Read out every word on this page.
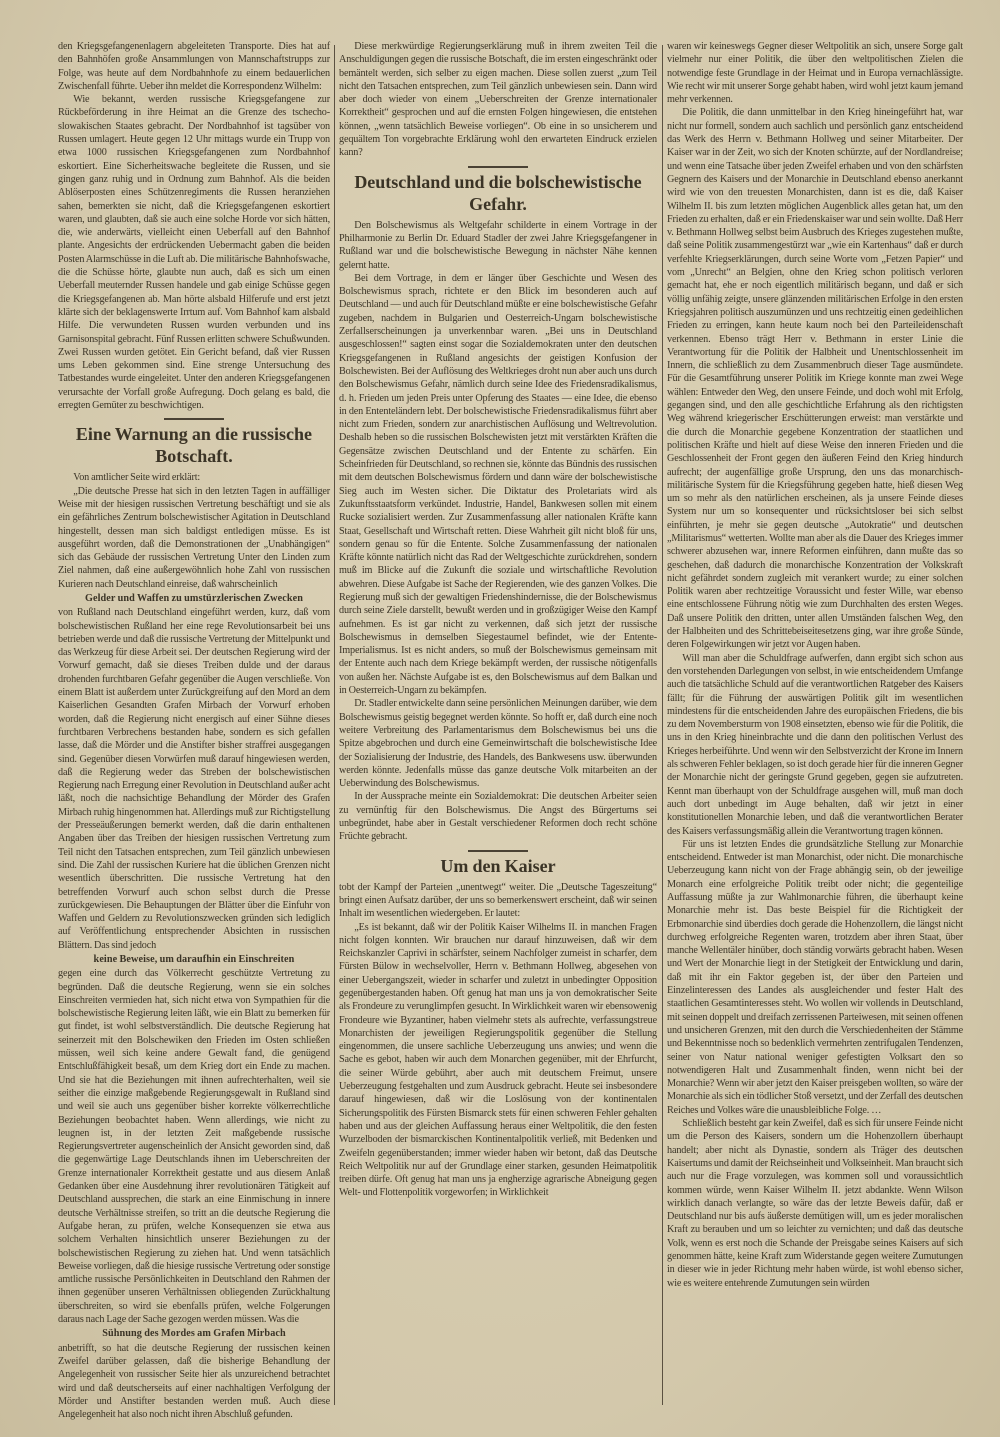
den Kriegsgefangenenlagern abgeleiteten Transporte. Dies hat auf den Bahnhöfen große Ansammlungen von Mannschaftstrupps zur Folge, was heute auf dem Nordbahnhofe zu einem bedauerlichen Zwischenfall führte. Ueber ihn meldet die Korrespondenz Wilhelm:

Wie bekannt, werden russische Kriegsgefangene zur Rückbeförderung in ihre Heimat an die Grenze des tschecho-slowakischen Staates gebracht. Der Nordbahnhof ist tagsüber von Russen umlagert. Heute gegen 12 Uhr mittags wurde ein Trupp von etwa 1000 russischen Kriegsgefangenen zum Nordbahnhof eskortiert. Eine Sicherheitswache begleitete die Russen, und sie gingen ganz ruhig und in Ordnung zum Bahnhof. Als die beiden Ablöserposten eines Schützenregiments die Russen heranziehen sahen, bemerkten sie nicht, daß die Kriegsgefangenen eskortiert waren, und glaubten, daß sie auch eine solche Horde vor sich hätten, die, wie anderwärts, vielleicht einen Ueberfall auf den Bahnhof plante. Angesichts der erdrückenden Uebermacht gaben die beiden Posten Alarmschüsse in die Luft ab. Die militärische Bahnhofswache, die die Schüsse hörte, glaubte nun auch, daß es sich um einen Ueberfall meuternder Russen handele und gab einige Schüsse gegen die Kriegsgefangenen ab. Man hörte alsbald Hilferufe und erst jetzt klärte sich der beklagenswerte Irrtum auf. Vom Bahnhof kam alsbald Hilfe. Die verwundeten Russen wurden verbunden und ins Garnisonspital gebracht. Fünf Russen erlitten schwere Schußwunden. Zwei Russen wurden getötet. Ein Gericht befand, daß vier Russen ums Leben gekommen sind. Eine strenge Untersuchung des Tatbestandes wurde eingeleitet. Unter den anderen Kriegsgefangenen verursachte der Vorfall große Aufregung. Doch gelang es bald, die erregten Gemüter zu beschwichtigen.

Eine Warnung an die russische Botschaft.

Von amtlicher Seite wird erklärt:

„Die deutsche Presse hat sich in den letzten Tagen in auffälliger Weise mit der hiesigen russischen Vertretung beschäftigt und sie als ein gefährliches Zentrum bolschewistischer Agitation in Deutschland hingestellt, dessen man sich baldigst entledigen müsse. Es ist ausgeführt worden, daß die Demonstrationen der „Unabhängigen“ sich das Gebäude der russischen Vertretung Unter den Linden zum Ziel nahmen, daß eine außergewöhnlich hohe Zahl von russischen Kurieren nach Deutschland einreise, daß wahrscheinlich

Gelder und Waffen zu umstürzlerischen Zwecken

von Rußland nach Deutschland eingeführt werden, kurz, daß vom bolschewistischen Rußland her eine rege Revolutionsarbeit bei uns betrieben werde und daß die russische Vertretung der Mittelpunkt und das Werkzeug für diese Arbeit sei. Der deutschen Regierung wird der Vorwurf gemacht, daß sie dieses Treiben dulde und der daraus drohenden furchtbaren Gefahr gegenüber die Augen verschließe. Von einem Blatt ist außerdem unter Zurückgreifung auf den Mord an dem Kaiserlichen Gesandten Grafen Mirbach der Vorwurf erhoben worden, daß die Regierung nicht energisch auf einer Sühne dieses furchtbaren Verbrechens bestanden habe, sondern es sich gefallen lasse, daß die Mörder und die Anstifter bisher straffrei ausgegangen sind. Gegenüber diesen Vorwürfen muß darauf hingewiesen werden, daß die Regierung weder das Streben der bolschewistischen Regierung nach Erregung einer Revolution in Deutschland außer acht läßt, noch die nachsichtige Behandlung der Mörder des Grafen Mirbach ruhig hingenommen hat. Allerdings muß zur Richtigstellung der Presseäußerungen bemerkt werden, daß die darin enthaltenen Angaben über das Treiben der hiesigen russischen Vertretung zum Teil nicht den Tatsachen entsprechen, zum Teil gänzlich unbewiesen sind. Die Zahl der russischen Kuriere hat die üblichen Grenzen nicht wesentlich überschritten. Die russische Vertretung hat den betreffenden Vorwurf auch schon selbst durch die Presse zurückgewiesen. Die Behauptungen der Blätter über die Einfuhr von Waffen und Geldern zu Revolutionszwecken gründen sich lediglich auf Veröffentlichung entsprechender Absichten in russischen Blättern. Das sind jedoch

keine Beweise, um daraufhin ein Einschreiten

gegen eine durch das Völkerrecht geschützte Vertretung zu begründen. Daß die deutsche Regierung, wenn sie ein solches Einschreiten vermieden hat, sich nicht etwa von Sympathien für die bolschewistische Regierung leiten läßt, wie ein Blatt zu bemerken für gut findet, ist wohl selbstverständlich. Die deutsche Regierung hat seinerzeit mit den Bolschewiken den Frieden im Osten schließen müssen, weil sich keine andere Gewalt fand, die genügend Entschlußfähigkeit besaß, um dem Krieg dort ein Ende zu machen. Und sie hat die Beziehungen mit ihnen aufrechterhalten, weil sie seither die einzige maßgebende Regierungsgewalt in Rußland sind und weil sie auch uns gegenüber bisher korrekte völkerrechtliche Beziehungen beobachtet haben. Wenn allerdings, wie nicht zu leugnen ist, in der letzten Zeit maßgebende russische Regierungsvertreter augenscheinlich der Ansicht geworden sind, daß die gegenwärtige Lage Deutschlands ihnen im Ueberschreiten der Grenze internationaler Korrektheit gestatte und aus diesem Anlaß Gedanken über eine Ausdehnung ihrer revolutionären Tätigkeit auf Deutschland aussprechen, die stark an eine Einmischung in innere deutsche Verhältnisse streifen, so tritt an die deutsche Regierung die Aufgabe heran, zu prüfen, welche Konsequenzen sie etwa aus solchem Verhalten hinsichtlich unserer Beziehungen zu der bolschewistischen Regierung zu ziehen hat. Und wenn tatsächlich Beweise vorliegen, daß die hiesige russische Vertretung oder sonstige amtliche russische Persönlichkeiten in Deutschland den Rahmen der ihnen gegenüber unseren Verhältnissen obliegenden Zurückhaltung überschreiten, so wird sie ebenfalls prüfen, welche Folgerungen daraus nach Lage der Sache gezogen werden müssen. Was die

Sühnung des Mordes am Grafen Mirbach

anbetrifft, so hat die deutsche Regierung der russischen keinen Zweifel darüber gelassen, daß die bisherige Behandlung der Angelegenheit von russischer Seite hier als unzureichend betrachtet wird und daß deutscherseits auf einer nachhaltigen Verfolgung der Mörder und Anstifter bestanden werden muß. Auch diese Angelegenheit hat also noch nicht ihren Abschluß gefunden.

Diese merkwürdige Regierungserklärung muß in ihrem zweiten Teil die Anschuldigungen gegen die russische Botschaft, die im ersten eingeschränkt oder bemäntelt werden, sich selber zu eigen machen. Diese sollen zuerst „zum Teil nicht den Tatsachen entsprechen, zum Teil gänzlich unbewiesen sein. Dann wird aber doch wieder von einem „Ueberschreiten der Grenze internationaler Korrektheit“ gesprochen und auf die ernsten Folgen hingewiesen, die entstehen können, „wenn tatsächlich Beweise vorliegen“. Ob eine in so unsicherem und gequältem Ton vorgebrachte Erklärung wohl den erwarteten Eindruck erzielen kann?

Deutschland und die bolschewistische Gefahr.

Den Bolschewismus als Weltgefahr schilderte in einem Vortrage in der Philharmonie zu Berlin Dr. Eduard Stadler der zwei Jahre Kriegsgefangener in Rußland war und die bolschewistische Bewegung in nächster Nähe kennen gelernt hatte.

Bei dem Vortrage, in dem er länger über Geschichte und Wesen des Bolschewismus sprach, richtete er den Blick im besonderen auch auf Deutschland — und auch für Deutschland müßte er eine bolschewistische Gefahr zugeben, nachdem in Bulgarien und Oesterreich-Ungarn bolschewistische Zerfallserscheinungen ja unverkennbar waren. „Bei uns in Deutschland ausgeschlossen!“ sagten einst sogar die Sozialdemokraten unter den deutschen Kriegsgefangenen in Rußland angesichts der geistigen Konfusion der Bolschewisten. Bei der Auflösung des Weltkrieges droht nun aber auch uns durch den Bolschewismus Gefahr, nämlich durch seine Idee des Friedensradikalismus, d. h. Frieden um jeden Preis unter Opferung des Staates — eine Idee, die ebenso in den Ententeländern lebt. Der bolschewistische Friedensradikalismus führt aber nicht zum Frieden, sondern zur anarchistischen Auflösung und Weltrevolution. Deshalb heben so die russischen Bolschewisten jetzt mit verstärkten Kräften die Gegensätze zwischen Deutschland und der Entente zu schärfen. Ein Scheinfrieden für Deutschland, so rechnen sie, könnte das Bündnis des russischen mit dem deutschen Bolschewismus fördern und dann wäre der bolschewistische Sieg auch im Westen sicher. Die Diktatur des Proletariats wird als Zukunftsstaatsform verkündet. Industrie, Handel, Bankwesen sollen mit einem Rucke sozialisiert werden. Zur Zusammenfassung aller nationalen Kräfte kann Staat, Gesellschaft und Wirtschaft retten. Diese Wahrheit gilt nicht bloß für uns, sondern genau so für die Entente. Solche Zusammenfassung der nationalen Kräfte könnte natürlich nicht das Rad der Weltgeschichte zurückdrehen, sondern muß im Blicke auf die Zukunft die soziale und wirtschaftliche Revolution abwehren. Diese Aufgabe ist Sache der Regierenden, wie des ganzen Volkes. Die Regierung muß sich der gewaltigen Friedenshindernisse, die der Bolschewismus durch seine Ziele darstellt, bewußt werden und in großzügiger Weise den Kampf aufnehmen. Es ist gar nicht zu verkennen, daß sich jetzt der russische Bolschewismus in demselben Siegestaumel befindet, wie der Entente-Imperialismus. Ist es nicht anders, so muß der Bolschewismus gemeinsam mit der Entente auch nach dem Kriege bekämpft werden, der russische nötigenfalls von außen her. Nächste Aufgabe ist es, den Bolschewismus auf dem Balkan und in Oesterreich-Ungarn zu bekämpfen.

Dr. Stadler entwickelte dann seine persönlichen Meinungen darüber, wie dem Bolschewismus geistig begegnet werden könnte. So hofft er, daß durch eine noch weitere Verbreitung des Parlamentarismus dem Bolschewismus bei uns die Spitze abgebrochen und durch eine Gemeinwirtschaft die bolschewistische Idee der Sozialisierung der Industrie, des Handels, des Bankwesens usw. überwunden werden könnte. Jedenfalls müsse das ganze deutsche Volk mitarbeiten an der Ueberwindung des Bolschewismus.

In der Aussprache meinte ein Sozialdemokrat: Die deutschen Arbeiter seien zu vernünftig für den Bolschewismus. Die Angst des Bürgertums sei unbegründet, habe aber in Gestalt verschiedener Reformen doch recht schöne Früchte gebracht.

Um den Kaiser

tobt der Kampf der Parteien „unentwegt“ weiter. Die „Deutsche Tageszeitung“ bringt einen Aufsatz darüber, der uns so bemerkenswert erscheint, daß wir seinen Inhalt im wesentlichen wiedergeben. Er lautet:

„Es ist bekannt, daß wir der Politik Kaiser Wilhelms II. in manchen Fragen nicht folgen konnten. Wir brauchen nur darauf hinzuweisen, daß wir dem Reichskanzler Caprivi in schärfster, seinem Nachfolger zumeist in scharfer, dem Fürsten Bülow in wechselvoller, Herrn v. Bethmann Hollweg, abgesehen von einer Uebergangszeit, wieder in scharfer und zuletzt in unbedingter Opposition gegenübergestanden haben. Oft genug hat man uns ja von demokratischer Seite als Frondeure zu verunglimpfen gesucht. In Wirklichkeit waren wir ebensowenig Frondeure wie Byzantiner, haben vielmehr stets als aufrechte, verfassungstreue Monarchisten der jeweiligen Regierungspolitik gegenüber die Stellung eingenommen, die unsere sachliche Ueberzeugung uns anwies; und wenn die Sache es gebot, haben wir auch dem Monarchen gegenüber, mit der Ehrfurcht, die seiner Würde gebührt, aber auch mit deutschem Freimut, unsere Ueberzeugung festgehalten und zum Ausdruck gebracht. Heute sei insbesondere darauf hingewiesen, daß wir die Loslösung von der kontinentalen Sicherungspolitik des Fürsten Bismarck stets für einen schweren Fehler gehalten haben und aus der gleichen Auffassung heraus einer Weltpolitik, die den festen Wurzelboden der bismarckischen Kontinentalpolitik verließ, mit Bedenken und Zweifeln gegenüberstanden; immer wieder haben wir betont, daß das Deutsche Reich Weltpolitik nur auf der Grundlage einer starken, gesunden Heimatpolitik treiben dürfe. Oft genug hat man uns ja engherzige agrarische Abneigung gegen Welt- und Flottenpolitik vorgeworfen; in Wirklichkeit

waren wir keineswegs Gegner dieser Weltpolitik an sich, unsere Sorge galt vielmehr nur einer Politik, die über den weltpolitischen Zielen die notwendige feste Grundlage in der Heimat und in Europa vernachlässigte. Wie recht wir mit unserer Sorge gehabt haben, wird wohl jetzt kaum jemand mehr verkennen.

Die Politik, die dann unmittelbar in den Krieg hineingeführt hat, war nicht nur formell, sondern auch sachlich und persönlich ganz entscheidend das Werk des Herrn v. Bethmann Hollweg und seiner Mitarbeiter. Der Kaiser war in der Zeit, wo sich der Knoten schürzte, auf der Nordlandreise; und wenn eine Tatsache über jeden Zweifel erhaben und von den schärfsten Gegnern des Kaisers und der Monarchie in Deutschland ebenso anerkannt wird wie von den treuesten Monarchisten, dann ist es die, daß Kaiser Wilhelm II. bis zum letzten möglichen Augenblick alles getan hat, um den Frieden zu erhalten, daß er ein Friedenskaiser war und sein wollte. Daß Herr v. Bethmann Hollweg selbst beim Ausbruch des Krieges zugestehen mußte, daß seine Politik zusammengestürzt war „wie ein Kartenhaus“ daß er durch verfehlte Kriegserklärungen, durch seine Worte vom „Fetzen Papier“ und vom „Unrecht“ an Belgien, ohne den Krieg schon politisch verloren gemacht hat, ehe er noch eigentlich militärisch begann, und daß er sich völlig unfähig zeigte, unsere glänzenden militärischen Erfolge in den ersten Kriegsjahren politisch auszumünzen und uns rechtzeitig einen gedeihlichen Frieden zu erringen, kann heute kaum noch bei den Parteileidenschaft verkennen. Ebenso trägt Herr v. Bethmann in erster Linie die Verantwortung für die Politik der Halbheit und Unentschlossenheit im Innern, die schließlich zu dem Zusammenbruch dieser Tage ausmündete. Für die Gesamtführung unserer Politik im Kriege konnte man zwei Wege wählen: Entweder den Weg, den unsere Feinde, und doch wohl mit Erfolg, gegangen sind, und den alle geschichtliche Erfahrung als den richtigsten Weg während kriegerischer Erschütterungen erweist: man verstärkte und die durch die Monarchie gegebene Konzentration der staatlichen und politischen Kräfte und hielt auf diese Weise den inneren Frieden und die Geschlossenheit der Front gegen den äußeren Feind den Krieg hindurch aufrecht; der augenfällige große Ursprung, den uns das monarchisch-militärische System für die Kriegsführung gegeben hatte, hieß diesen Weg um so mehr als den natürlichen erscheinen, als ja unsere Feinde dieses System nur um so konsequenter und rücksichtsloser bei sich selbst einführten, je mehr sie gegen deutsche „Autokratie“ und deutschen „Militarismus“ wetterten. Wollte man aber als die Dauer des Krieges immer schwerer abzusehen war, innere Reformen einführen, dann mußte das so geschehen, daß dadurch die monarchische Konzentration der Volkskraft nicht gefährdet sondern zugleich mit verankert wurde; zu einer solchen Politik waren aber rechtzeitige Voraussicht und fester Wille, war ebenso eine entschlossene Führung nötig wie zum Durchhalten des ersten Weges. Daß unsere Politik den dritten, unter allen Umständen falschen Weg, den der Halbheiten und des Schrittebeiseitesetzens ging, war ihre große Sünde, deren Folgewirkungen wir jetzt vor Augen haben.

Will man aber die Schuldfrage aufwerfen, dann ergibt sich schon aus den vorstehenden Darlegungen von selbst, in wie entscheidendem Umfange auch die tatsächliche Schuld auf die verantwortlichen Ratgeber des Kaisers fällt; für die Führung der auswärtigen Politik gilt im wesentlichen mindestens für die entscheidenden Jahre des europäischen Friedens, die bis zu dem Novembersturm von 1908 einsetzten, ebenso wie für die Politik, die uns in den Krieg hineinbrachte und die dann den politischen Verlust des Krieges herbeiführte. Und wenn wir den Selbstverzicht der Krone im Innern als schweren Fehler beklagen, so ist doch gerade hier für die inneren Gegner der Monarchie nicht der geringste Grund gegeben, gegen sie aufzutreten. Kennt man überhaupt von der Schuldfrage ausgehen will, muß man doch auch dort unbedingt im Auge behalten, daß wir jetzt in einer konstitutionellen Monarchie leben, und daß die verantwortlichen Berater des Kaisers verfassungsmäßig allein die Verantwortung tragen können.

Für uns ist letzten Endes die grundsätzliche Stellung zur Monarchie entscheidend. Entweder ist man Monarchist, oder nicht. Die monarchische Ueberzeugung kann nicht von der Frage abhängig sein, ob der jeweilige Monarch eine erfolgreiche Politik treibt oder nicht; die gegenteilige Auffassung müßte ja zur Wahlmonarchie führen, die überhaupt keine Monarchie mehr ist. Das beste Beispiel für die Richtigkeit der Erbmonarchie sind überdies doch gerade die Hohenzollern, die längst nicht durchweg erfolgreiche Regenten waren, trotzdem aber ihren Staat, über manche Wellentäler hinüber, doch ständig vorwärts gebracht haben. Wesen und Wert der Monarchie liegt in der Stetigkeit der Entwicklung und darin, daß mit ihr ein Faktor gegeben ist, der über den Parteien und Einzelinteressen des Landes als ausgleichender und fester Halt des staatlichen Gesamtinteresses steht. Wo wollen wir vollends in Deutschland, mit seinen doppelt und dreifach zerrissenen Parteiwesen, mit seinen offenen und unsicheren Grenzen, mit den durch die Verschiedenheiten der Stämme und Bekenntnisse noch so bedenklich vermehrten zentrifugalen Tendenzen, seiner von Natur national weniger gefestigten Volksart den so notwendigeren Halt und Zusammenhalt finden, wenn nicht bei der Monarchie? Wenn wir aber jetzt den Kaiser preisgeben wollten, so wäre der Monarchie als sich ein tödlicher Stoß versetzt, und der Zerfall des deutschen Reiches und Volkes wäre die unausbleibliche Folge. …

Schließlich besteht gar kein Zweifel, daß es sich für unsere Feinde nicht um die Person des Kaisers, sondern um die Hohenzollern überhaupt handelt; aber nicht als Dynastie, sondern als Träger des deutschen Kaisertums und damit der Reichseinheit und Volkseinheit. Man braucht sich auch nur die Frage vorzulegen, was kommen soll und voraussichtlich kommen würde, wenn Kaiser Wilhelm II. jetzt abdankte. Wenn Wilson wirklich danach verlangte, so wäre das der letzte Beweis dafür, daß er Deutschland nur bis aufs äußerste demütigen will, um es jeder moralischen Kraft zu berauben und um so leichter zu vernichten; und daß das deutsche Volk, wenn es erst noch die Schande der Preisgabe seines Kaisers auf sich genommen hätte, keine Kraft zum Widerstande gegen weitere Zumutungen in dieser wie in jeder Richtung mehr haben würde, ist wohl ebenso sicher, wie es weitere entehrende Zumutungen sein würden
